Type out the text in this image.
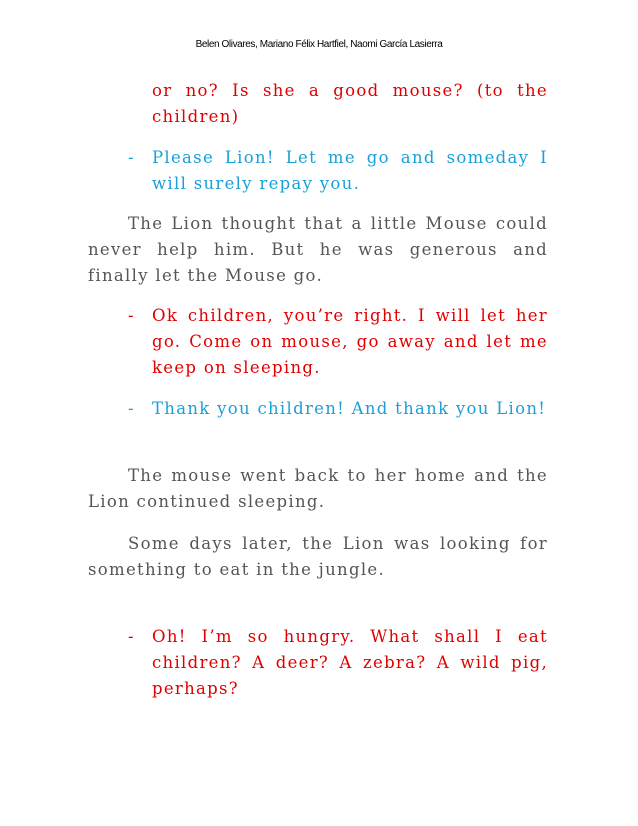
Belen Olivares, Mariano Félix Hartfiel, Naomi García Lasierra
or no? Is she a good mouse? (to the children)
- Please Lion! Let me go and someday I will surely repay you.
The Lion thought that a little Mouse could never help him. But he was generous and finally let the Mouse go.
- Ok children, you’re right. I will let her go. Come on mouse, go away and let me keep on sleeping.
- Thank you children! And thank you Lion!
The mouse went back to her home and the Lion continued sleeping.
Some days later, the Lion was looking for something to eat in the jungle.
- Oh! I’m so hungry. What shall I eat children? A deer? A zebra? A wild pig, perhaps?
